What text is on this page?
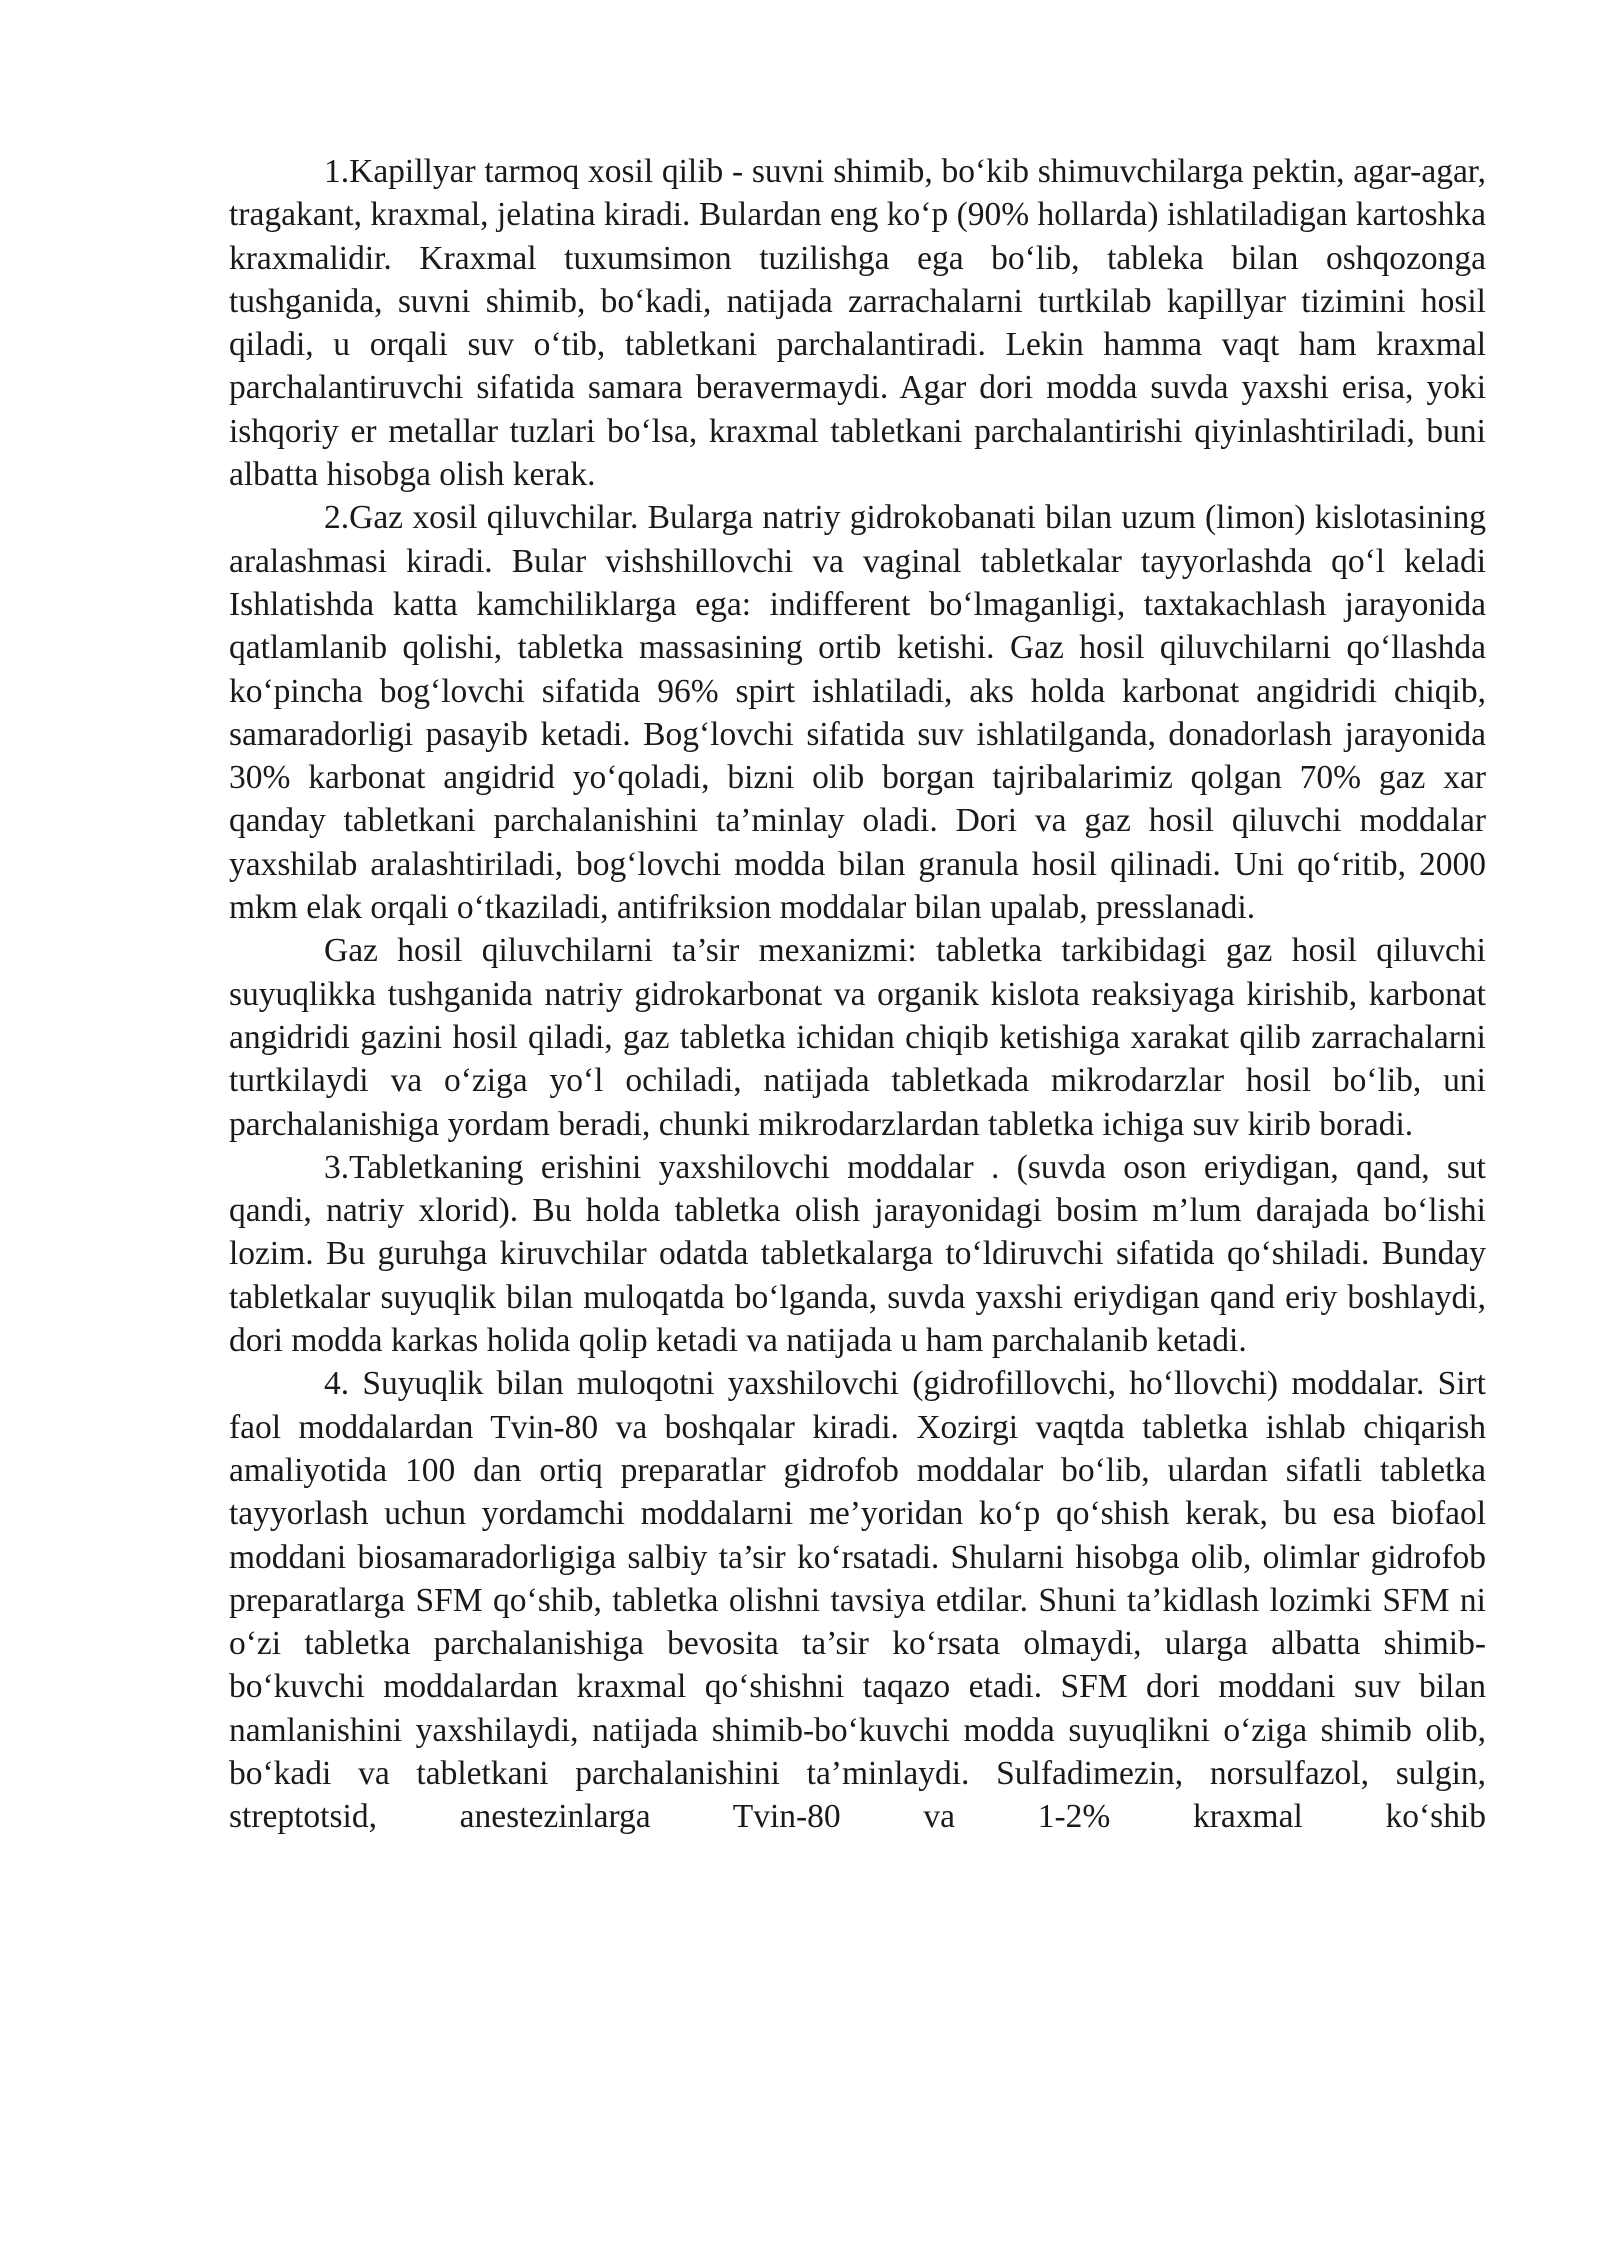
1.Kapillyar tarmoq xosil qilib - suvni shimib, bo‘kib shimuvchilarga pektin, agar-agar, tragakant, kraxmal, jelatina kiradi. Bulardan eng ko‘p (90% hollarda) ishlatiladigan kartoshka kraxmalidir. Kraxmal tuxumsimon tuzilishga ega bo‘lib, tableka bilan oshqozonga tushganida, suvni shimib, bo‘kadi, natijada zarrachalarni turtkilab kapillyar tizimini hosil qiladi, u orqali suv o‘tib, tabletkani parchalantiradi. Lekin hamma vaqt ham kraxmal parchalantiruvchi sifatida samara beravermaydi. Agar dori modda suvda yaxshi erisa, yoki ishqoriy er metallar tuzlari bo‘lsa, kraxmal tabletkani parchalantirishi qiyinlashtiriladi, buni albatta hisobga olish kerak.

2.Gaz xosil qiluvchilar. Bularga natriy gidrokobanati bilan uzum (limon) kislotasining aralashmasi kiradi. Bular vishshillovchi va vaginal tabletkalar tayyorlashda qo‘l keladi Ishlatishda katta kamchiliklarga ega: indifferent bo‘lmaganligi, taxtakachlash jarayonida qatlamlanib qolishi, tabletka massasining ortib ketishi. Gaz hosil qiluvchilarni qo‘llashda ko‘pincha bog‘lovchi sifatida 96% spirt ishlatiladi, aks holda karbonat angidridi chiqib, samaradorligi pasayib ketadi. Bog‘lovchi sifatida suv ishlatilganda, donadorlash jarayonida 30% karbonat angidrid yo‘qoladi, bizni olib borgan tajribalarimiz qolgan 70% gaz xar qanday tabletkani parchalanishini ta’minlay oladi. Dori va gaz hosil qiluvchi moddalar yaxshilab aralashtiriladi, bog‘lovchi modda bilan granula hosil qilinadi. Uni qo‘ritib, 2000 mkm elak orqali o‘tkaziladi, antifriksion moddalar bilan upalab, presslanadi.

Gaz hosil qiluvchilarni ta’sir mexanizmi: tabletka tarkibidagi gaz hosil qiluvchi suyuqlikka tushganida natriy gidrokarbonat va organik kislota reaksiyaga kirishib, karbonat angidridi gazini hosil qiladi, gaz tabletka ichidan chiqib ketishiga xarakat qilib zarrachalarni turtkilaydi va o‘ziga yo‘l ochiladi, natijada tabletkada mikrodarzlar hosil bo‘lib, uni parchalanishiga yordam beradi, chunki mikrodarzlardan tabletka ichiga suv kirib boradi.

3.Tabletkaning erishini yaxshilovchi moddalar . (suvda oson eriydigan, qand, sut qandi, natriy xlorid). Bu holda tabletka olish jarayonidagi bosim m’lum darajada bo‘lishi lozim. Bu guruhga kiruvchilar odatda tabletkalarga to‘ldiruvchi sifatida qo‘shiladi. Bunday tabletkalar suyuqlik bilan muloqatda bo‘lganda, suvda yaxshi eriydigan qand eriy boshlaydi, dori modda karkas holida qolip ketadi va natijada u ham parchalanib ketadi.

4. Suyuqlik bilan muloqotni yaxshilovchi (gidrofillovchi, ho‘llovchi) moddalar. Sirt faol moddalardan Tvin-80 va boshqalar kiradi. Xozirgi vaqtda tabletka ishlab chiqarish amaliyotida 100 dan ortiq preparatlar gidrofob moddalar bo‘lib, ulardan sifatli tabletka tayyorlash uchun yordamchi moddalarni me’yoridan ko‘p qo‘shish kerak, bu esa biofaol moddani biosamaradorligiga salbiy ta’sir ko‘rsatadi. Shularni hisobga olib, olimlar gidrofob preparatlarga SFM qo‘shib, tabletka olishni tavsiya etdilar. Shuni ta’kidlash lozimki SFM ni o‘zi tabletka parchalanishiga bevosita ta’sir ko‘rsata olmaydi, ularga albatta shimib-bo‘kuvchi moddalardan kraxmal qo‘shishni taqazo etadi. SFM dori moddani suv bilan namlanishini yaxshilaydi, natijada shimib-bo‘kuvchi modda suyuqlikni o‘ziga shimib olib, bo‘kadi va tabletkani parchalanishini ta’minlaydi. Sulfadimezin, norsulfazol, sulgin, streptotsid, anestezinlarga Tvin-80 va 1-2% kraxmal ko‘shib
